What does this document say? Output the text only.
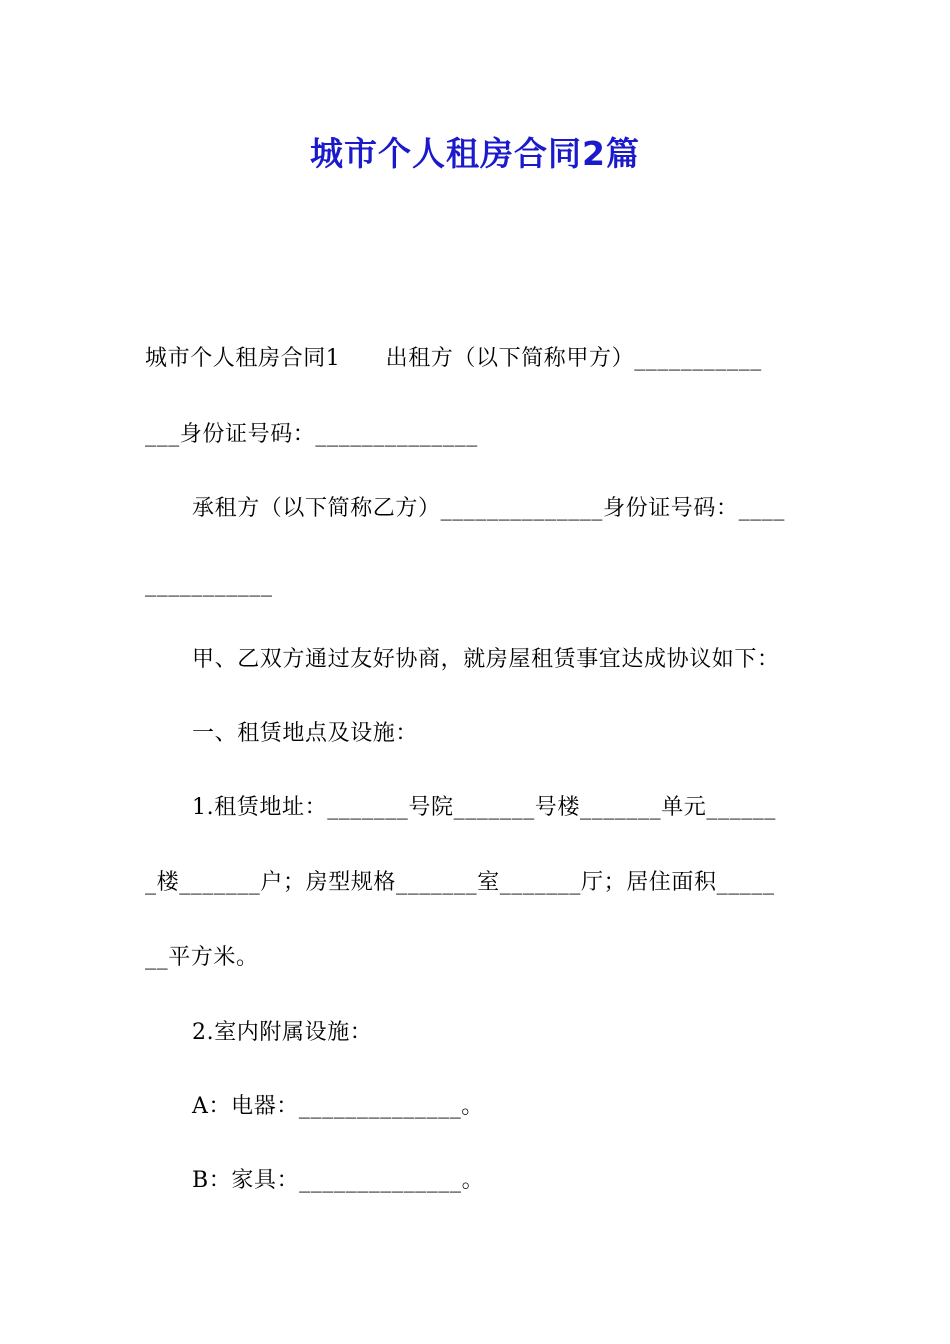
城市个人租房合同2篇
城市个人租房合同1　　出租方（以下简称甲方）___________
___身份证号码：______________
承租方（以下简称乙方）______________身份证号码：____
___________
甲、乙双方通过友好协商，就房屋租赁事宜达成协议如下：
一、租赁地点及设施：
1.租赁地址：_______号院_______号楼_______单元______
_楼_______户；房型规格_______室_______厅；居住面积_____
__平方米。
2.室内附属设施：
A：电器：______________。
B：家具：______________。
